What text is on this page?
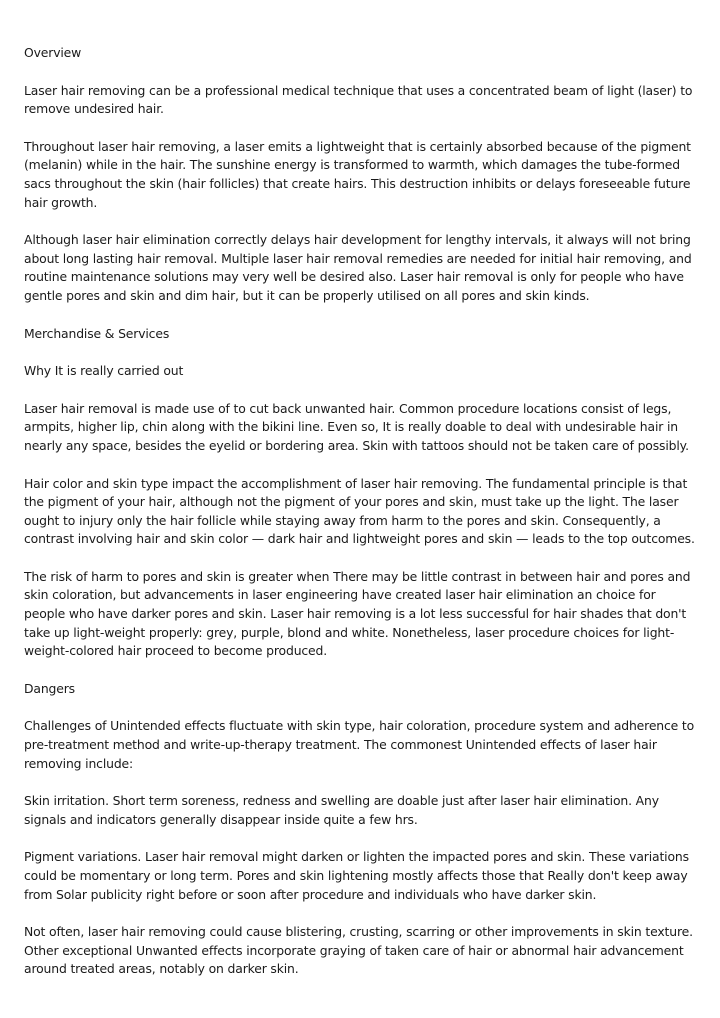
Overview

Laser hair removing can be a professional medical technique that uses a concentrated beam of light (laser) to remove undesired hair.

Throughout laser hair removing, a laser emits a lightweight that is certainly absorbed because of the pigment (melanin) while in the hair. The sunshine energy is transformed to warmth, which damages the tube-formed sacs throughout the skin (hair follicles) that create hairs. This destruction inhibits or delays foreseeable future hair growth.

Although laser hair elimination correctly delays hair development for lengthy intervals, it always will not bring about long lasting hair removal. Multiple laser hair removal remedies are needed for initial hair removing, and routine maintenance solutions may very well be desired also. Laser hair removal is only for people who have gentle pores and skin and dim hair, but it can be properly utilised on all pores and skin kinds.

Merchandise & Services

Why It is really carried out

Laser hair removal is made use of to cut back unwanted hair. Common procedure locations consist of legs, armpits, higher lip, chin along with the bikini line. Even so, It is really doable to deal with undesirable hair in nearly any space, besides the eyelid or bordering area. Skin with tattoos should not be taken care of possibly.

Hair color and skin type impact the accomplishment of laser hair removing. The fundamental principle is that the pigment of your hair, although not the pigment of your pores and skin, must take up the light. The laser ought to injury only the hair follicle while staying away from harm to the pores and skin. Consequently, a contrast involving hair and skin color — dark hair and lightweight pores and skin — leads to the top outcomes.

The risk of harm to pores and skin is greater when There may be little contrast in between hair and pores and skin coloration, but advancements in laser engineering have created laser hair elimination an choice for people who have darker pores and skin. Laser hair removing is a lot less successful for hair shades that don't take up light-weight properly: grey, purple, blond and white. Nonetheless, laser procedure choices for light-weight-colored hair proceed to become produced.

Dangers

Challenges of Unintended effects fluctuate with skin type, hair coloration, procedure system and adherence to pre-treatment method and write-up-therapy treatment. The commonest Unintended effects of laser hair removing include:

Skin irritation. Short term soreness, redness and swelling are doable just after laser hair elimination. Any signals and indicators generally disappear inside quite a few hrs.

Pigment variations. Laser hair removal might darken or lighten the impacted pores and skin. These variations could be momentary or long term. Pores and skin lightening mostly affects those that Really don't keep away from Solar publicity right before or soon after procedure and individuals who have darker skin.

Not often, laser hair removing could cause blistering, crusting, scarring or other improvements in skin texture. Other exceptional Unwanted effects incorporate graying of taken care of hair or abnormal hair advancement around treated areas, notably on darker skin.
